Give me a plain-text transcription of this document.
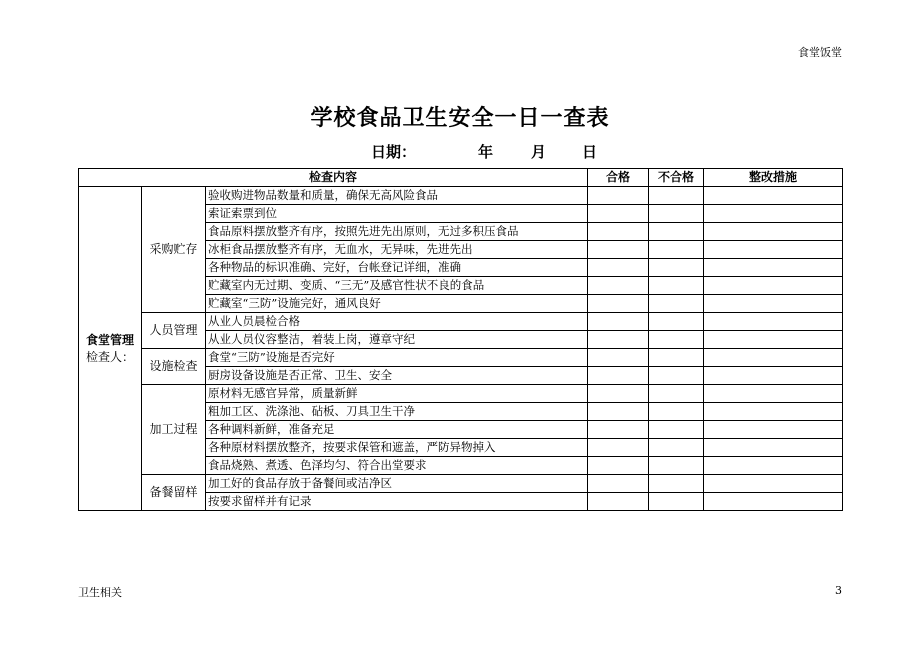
食堂饭堂
学校食品卫生安全一日一查表
日期：	年	月 日
检查内容			合格	不合格	整改措施

食堂管理
检查人：	采购贮存	验收购进物品数量和质量，确保无高风险食品			
		索证索票到位			
		食品原料摆放整齐有序，按照先进先出原则，无过多积压食品			
		冰柜食品摆放整齐有序，无血水，无异味，先进先出			
		各种物品的标识准确、完好，台帐登记详细，准确			
		贮藏室内无过期、变质、“三无”及感官性状不良的食品			
		贮藏室“三防”设施完好，通风良好			
	人员管理	从业人员晨检合格			
		从业人员仪容整洁，着装上岗，遵章守纪			
	设施检查	食堂“三防”设施是否完好			
		厨房设备设施是否正常、卫生、安全			
	加工过程	原材料无感官异常，质量新鲜			
		粗加工区、洗涤池、砧板、刀具卫生干净			
		各种调料新鲜，准备充足			
		各种原材料摆放整齐，按要求保管和遮盖，严防异物掉入			
		食品烧熟、煮透、色泽均匀、符合出堂要求			
	备餐留样	加工好的食品存放于备餐间或洁净区			
		按要求留样并有记录			
卫生相关	3
